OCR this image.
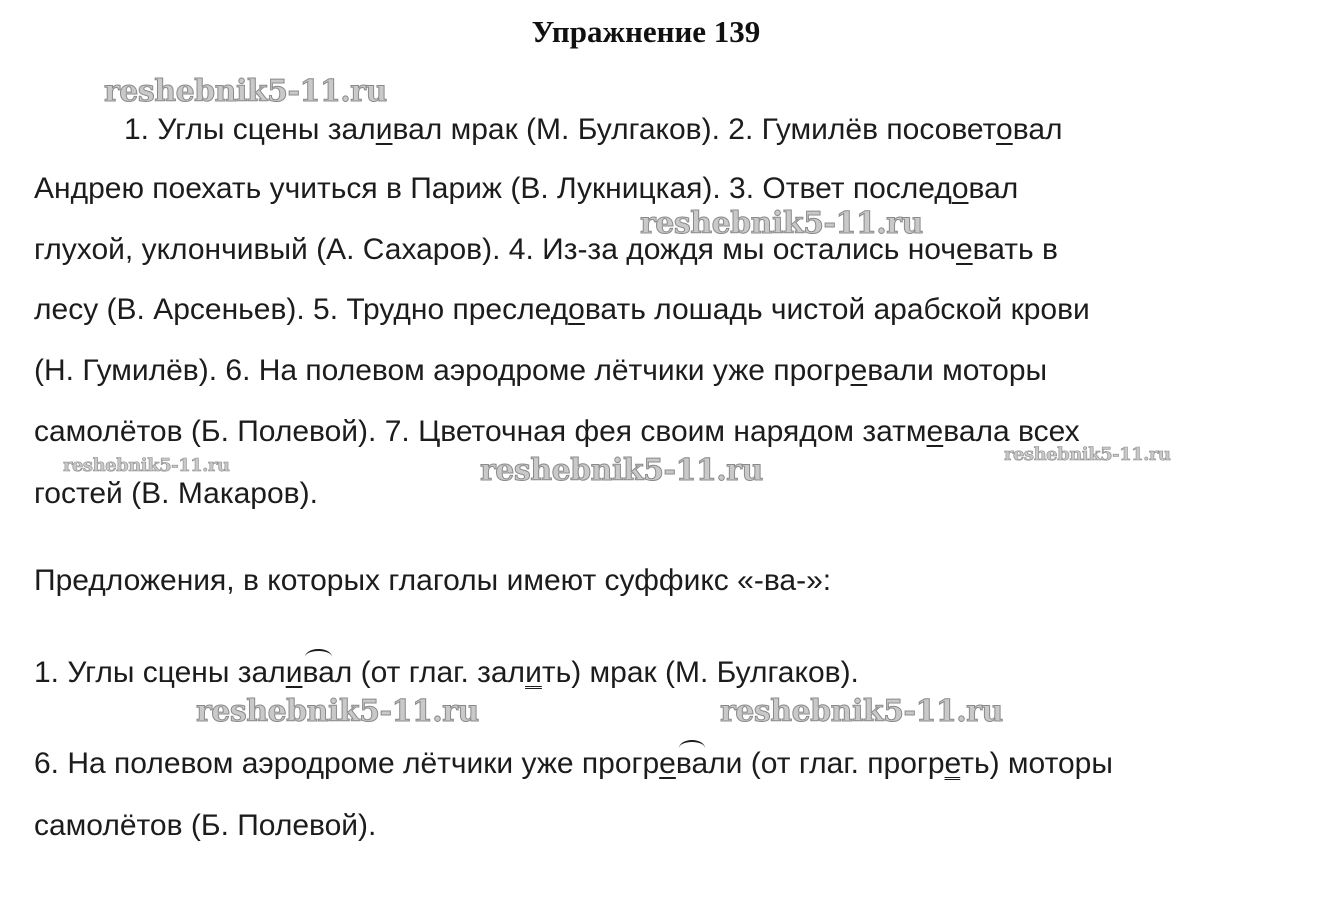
Упражнение 139
1. Углы сцены заливал мрак (М. Булгаков). 2. Гумилёв посоветовал
Андрею поехать учиться в Париж (В. Лукницкая). 3. Ответ последовал
глухой, уклончивый (А. Сахаров). 4. Из-за дождя мы остались ночевать в
лесу (В. Арсеньев). 5. Трудно преследовать лошадь чистой арабской крови
(Н. Гумилёв). 6. На полевом аэродроме лётчики уже прогревали моторы
самолётов (Б. Полевой). 7. Цветочная фея своим нарядом затмевала всех
гостей (В. Макаров).
Предложения, в которых глаголы имеют суффикс «-ва-»:
1. Углы сцены заливал (от глаг. залить) мрак (М. Булгаков).
6. На полевом аэродроме лётчики уже прогревали (от глаг. прогреть) моторы
самолётов (Б. Полевой).
reshebnik5-11.ru
reshebnik5-11.ru
reshebnik5-11.ru	reshebnik5-11.ru	reshebnik5-11.ru
reshebnik5-11.ru	reshebnik5-11.ru
